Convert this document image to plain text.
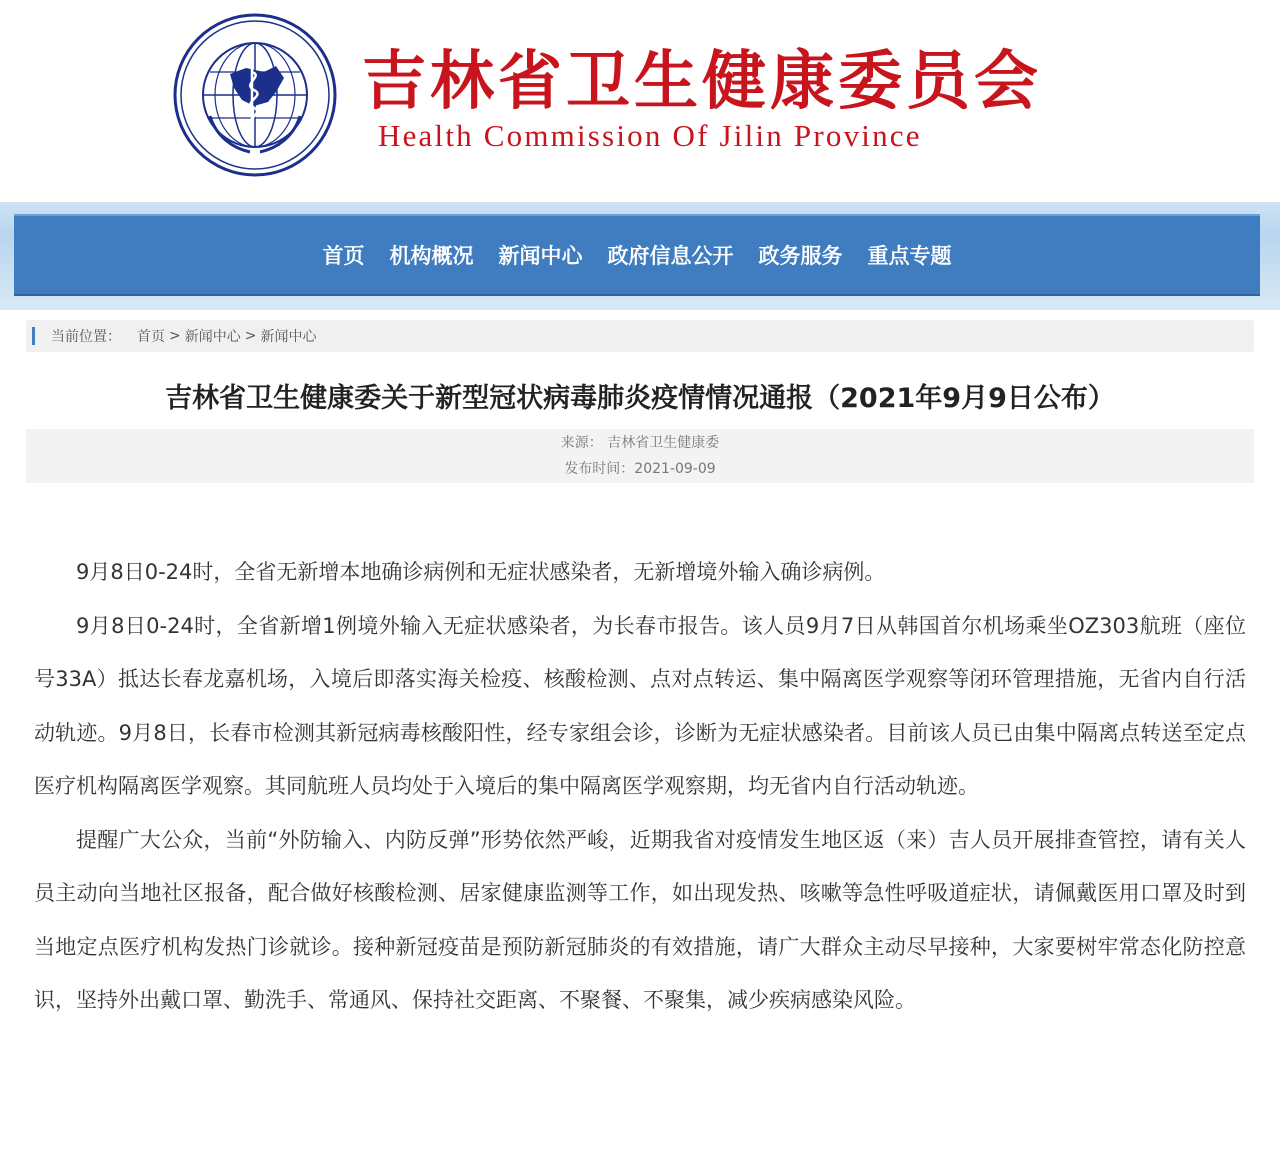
吉林省卫生健康委员会
Health Commission Of Jilin Province
首页 机构概况 新闻中心 政府信息公开 政务服务 重点专题
当前位置： 首页 > 新闻中心 > 新闻中心
吉林省卫生健康委关于新型冠状病毒肺炎疫情情况通报（2021年9月9日公布）
来源： 吉林省卫生健康委
发布时间：2021-09-09

9月8日0-24时，全省无新增本地确诊病例和无症状感染者，无新增境外输入确诊病例。

9月8日0-24时，全省新增1例境外输入无症状感染者，为长春市报告。该人员9月7日从韩国首尔机场乘坐OZ303航班（座位号33A）抵达长春龙嘉机场，入境后即落实海关检疫、核酸检测、点对点转运、集中隔离医学观察等闭环管理措施，无省内自行活动轨迹。9月8日，长春市检测其新冠病毒核酸阳性，经专家组会诊，诊断为无症状感染者。目前该人员已由集中隔离点转送至定点医疗机构隔离医学观察。其同航班人员均处于入境后的集中隔离医学观察期，均无省内自行活动轨迹。

提醒广大公众，当前“外防输入、内防反弹”形势依然严峻，近期我省对疫情发生地区返（来）吉人员开展排查管控，请有关人员主动向当地社区报备，配合做好核酸检测、居家健康监测等工作，如出现发热、咳嗽等急性呼吸道症状，请佩戴医用口罩及时到当地定点医疗机构发热门诊就诊。接种新冠疫苗是预防新冠肺炎的有效措施，请广大群众主动尽早接种，大家要树牢常态化防控意识，坚持外出戴口罩、勤洗手、常通风、保持社交距离、不聚餐、不聚集，减少疾病感染风险。
